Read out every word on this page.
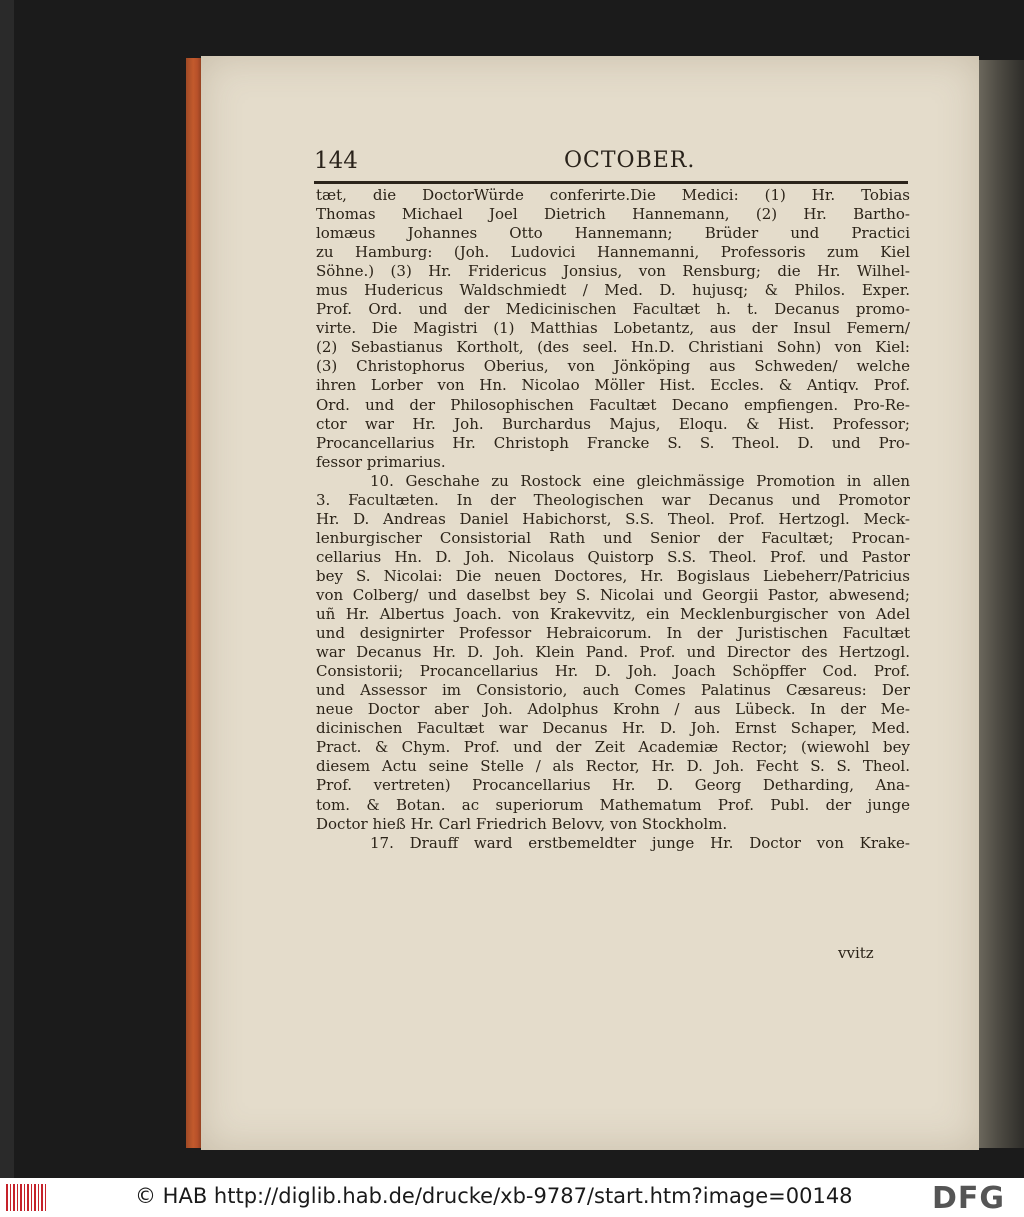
144	OCTOBER.
tæt, die DoctorWürde conferirte.Die Medici: (1) Hr. Tobias
Thomas Michael Joel Dietrich Hannemann, (2) Hr. Bartho-
lomæus Johannes Otto Hannemann; Brüder und Practici
zu Hamburg: (Joh. Ludovici Hannemanni, Professoris zum Kiel
Söhne.) (3) Hr. Fridericus Jonsius, von Rensburg; die Hr. Wilhel-
mus Hudericus Waldschmiedt / Med. D. hujusq; & Philos. Exper.
Prof. Ord. und der Medicinischen Facultæt h. t. Decanus promo-
virte. Die Magistri (1) Matthias Lobetantz, aus der Insul Femern/
(2) Sebastianus Kortholt, (des seel. Hn.D. Christiani Sohn) von Kiel:
(3) Christophorus Oberius, von Jönköping aus Schweden/ welche
ihren Lorber von Hn. Nicolao Möller Hist. Eccles. & Antiqv. Prof.
Ord. und der Philosophischen Facultæt Decano empfiengen. Pro-Re-
ctor war Hr. Joh. Burchardus Majus, Eloqu. & Hist. Professor;
Procancellarius Hr. Christoph Francke S. S. Theol. D. und Pro-
fessor primarius.
10. Geschahe zu Rostock eine gleichmässige Promotion in allen
3. Facultæten. In der Theologischen war Decanus und Promotor
Hr. D. Andreas Daniel Habichorst, S.S. Theol. Prof. Hertzogl. Meck-
lenburgischer Consistorial Rath und Senior der Facultæt; Procan-
cellarius Hn. D. Joh. Nicolaus Quistorp S.S. Theol. Prof. und Pastor
bey S. Nicolai: Die neuen Doctores, Hr. Bogislaus Liebeherr/Patricius
von Colberg/ und daselbst bey S. Nicolai und Georgii Pastor, abwesend;
uñ Hr. Albertus Joach. von Krakevvitz, ein Mecklenburgischer von Adel
und designirter Professor Hebraicorum. In der Juristischen Facultæt
war Decanus Hr. D. Joh. Klein Pand. Prof. und Director des Hertzogl.
Consistorii; Procancellarius Hr. D. Joh. Joach Schöpffer Cod. Prof.
und Assessor im Consistorio, auch Comes Palatinus Cæsareus: Der
neue Doctor aber Joh. Adolphus Krohn / aus Lübeck. In der Me-
dicinischen Facultæt war Decanus Hr. D. Joh. Ernst Schaper, Med.
Pract. & Chym. Prof. und der Zeit Academiæ Rector; (wiewohl bey
diesem Actu seine Stelle / als Rector, Hr. D. Joh. Fecht S. S. Theol.
Prof. vertreten) Procancellarius Hr. D. Georg Detharding, Ana-
tom. & Botan. ac superiorum Mathematum Prof. Publ. der junge
Doctor hieß Hr. Carl Friedrich Belovv, von Stockholm.
17. Drauff ward erstbemeldter junge Hr. Doctor von Krake-
vvitz
© HAB http://diglib.hab.de/drucke/xb-9787/start.htm?image=00148	DFG
